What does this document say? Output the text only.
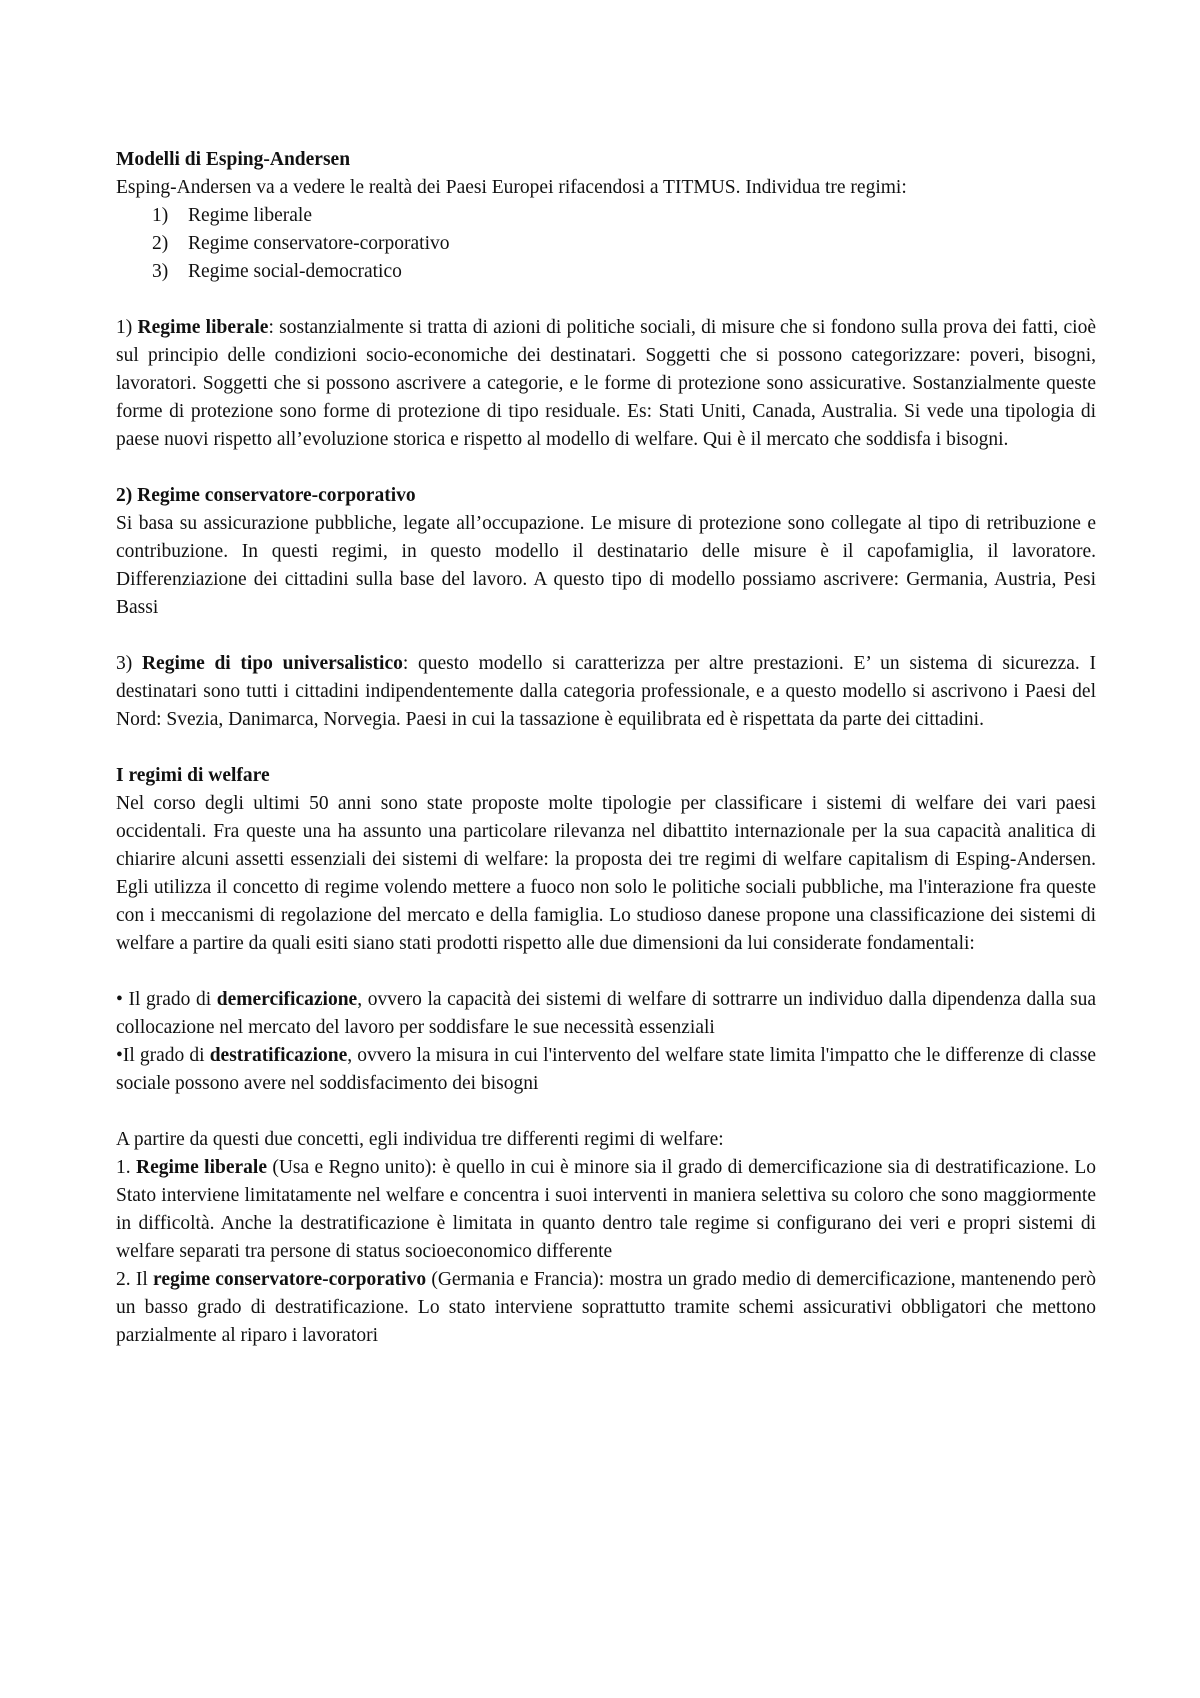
Modelli di Esping-Andersen

Esping-Andersen va a vedere le realtà dei Paesi Europei rifacendosi a TITMUS. Individua tre regimi:

1) Regime liberale
2) Regime conservatore-corporativo
3) Regime social-democratico

1) Regime liberale: sostanzialmente si tratta di azioni di politiche sociali, di misure che si fondono sulla prova dei fatti, cioè sul principio delle condizioni socio-economiche dei destinatari. Soggetti che si possono categorizzare: poveri, bisogni, lavoratori. Soggetti che si possono ascrivere a categorie, e le forme di protezione sono assicurative. Sostanzialmente queste forme di protezione sono forme di protezione di tipo residuale. Es: Stati Uniti, Canada, Australia. Si vede una tipologia di paese nuovi rispetto all’evoluzione storica e rispetto al modello di welfare. Qui è il mercato che soddisfa i bisogni.

2) Regime conservatore-corporativo

Si basa su assicurazione pubbliche, legate all’occupazione. Le misure di protezione sono collegate al tipo di retribuzione e contribuzione. In questi regimi, in questo modello il destinatario delle misure è il capofamiglia, il lavoratore. Differenziazione dei cittadini sulla base del lavoro. A questo tipo di modello possiamo ascrivere: Germania, Austria, Pesi Bassi

3) Regime di tipo universalistico: questo modello si caratterizza per altre prestazioni. E’ un sistema di sicurezza. I destinatari sono tutti i cittadini indipendentemente dalla categoria professionale, e a questo modello si ascrivono i Paesi del Nord: Svezia, Danimarca, Norvegia. Paesi in cui la tassazione è equilibrata ed è rispettata da parte dei cittadini.

I regimi di welfare

Nel corso degli ultimi 50 anni sono state proposte molte tipologie per classificare i sistemi di welfare dei vari paesi occidentali. Fra queste una ha assunto una particolare rilevanza nel dibattito internazionale per la sua capacità analitica di chiarire alcuni assetti essenziali dei sistemi di welfare: la proposta dei tre regimi di welfare capitalism di Esping-Andersen. Egli utilizza il concetto di regime volendo mettere a fuoco non solo le politiche sociali pubbliche, ma l'interazione fra queste con i meccanismi di regolazione del mercato e della famiglia. Lo studioso danese propone una classificazione dei sistemi di welfare a partire da quali esiti siano stati prodotti rispetto alle due dimensioni da lui considerate fondamentali:

• Il grado di demercificazione, ovvero la capacità dei sistemi di welfare di sottrarre un individuo dalla dipendenza dalla sua collocazione nel mercato del lavoro per soddisfare le sue necessità essenziali

•Il grado di destratificazione, ovvero la misura in cui l'intervento del welfare state limita l'impatto che le differenze di classe sociale possono avere nel soddisfacimento dei bisogni

A partire da questi due concetti, egli individua tre differenti regimi di welfare:

1. Regime liberale (Usa e Regno unito): è quello in cui è minore sia il grado di demercificazione sia di destratificazione. Lo Stato interviene limitatamente nel welfare e concentra i suoi interventi in maniera selettiva su coloro che sono maggiormente in difficoltà. Anche la destratificazione è limitata in quanto dentro tale regime si configurano dei veri e propri sistemi di welfare separati tra persone di status socioeconomico differente

2. Il regime conservatore-corporativo (Germania e Francia): mostra un grado medio di demercificazione, mantenendo però un basso grado di destratificazione. Lo stato interviene soprattutto tramite schemi assicurativi obbligatori che mettono parzialmente al riparo i lavoratori
